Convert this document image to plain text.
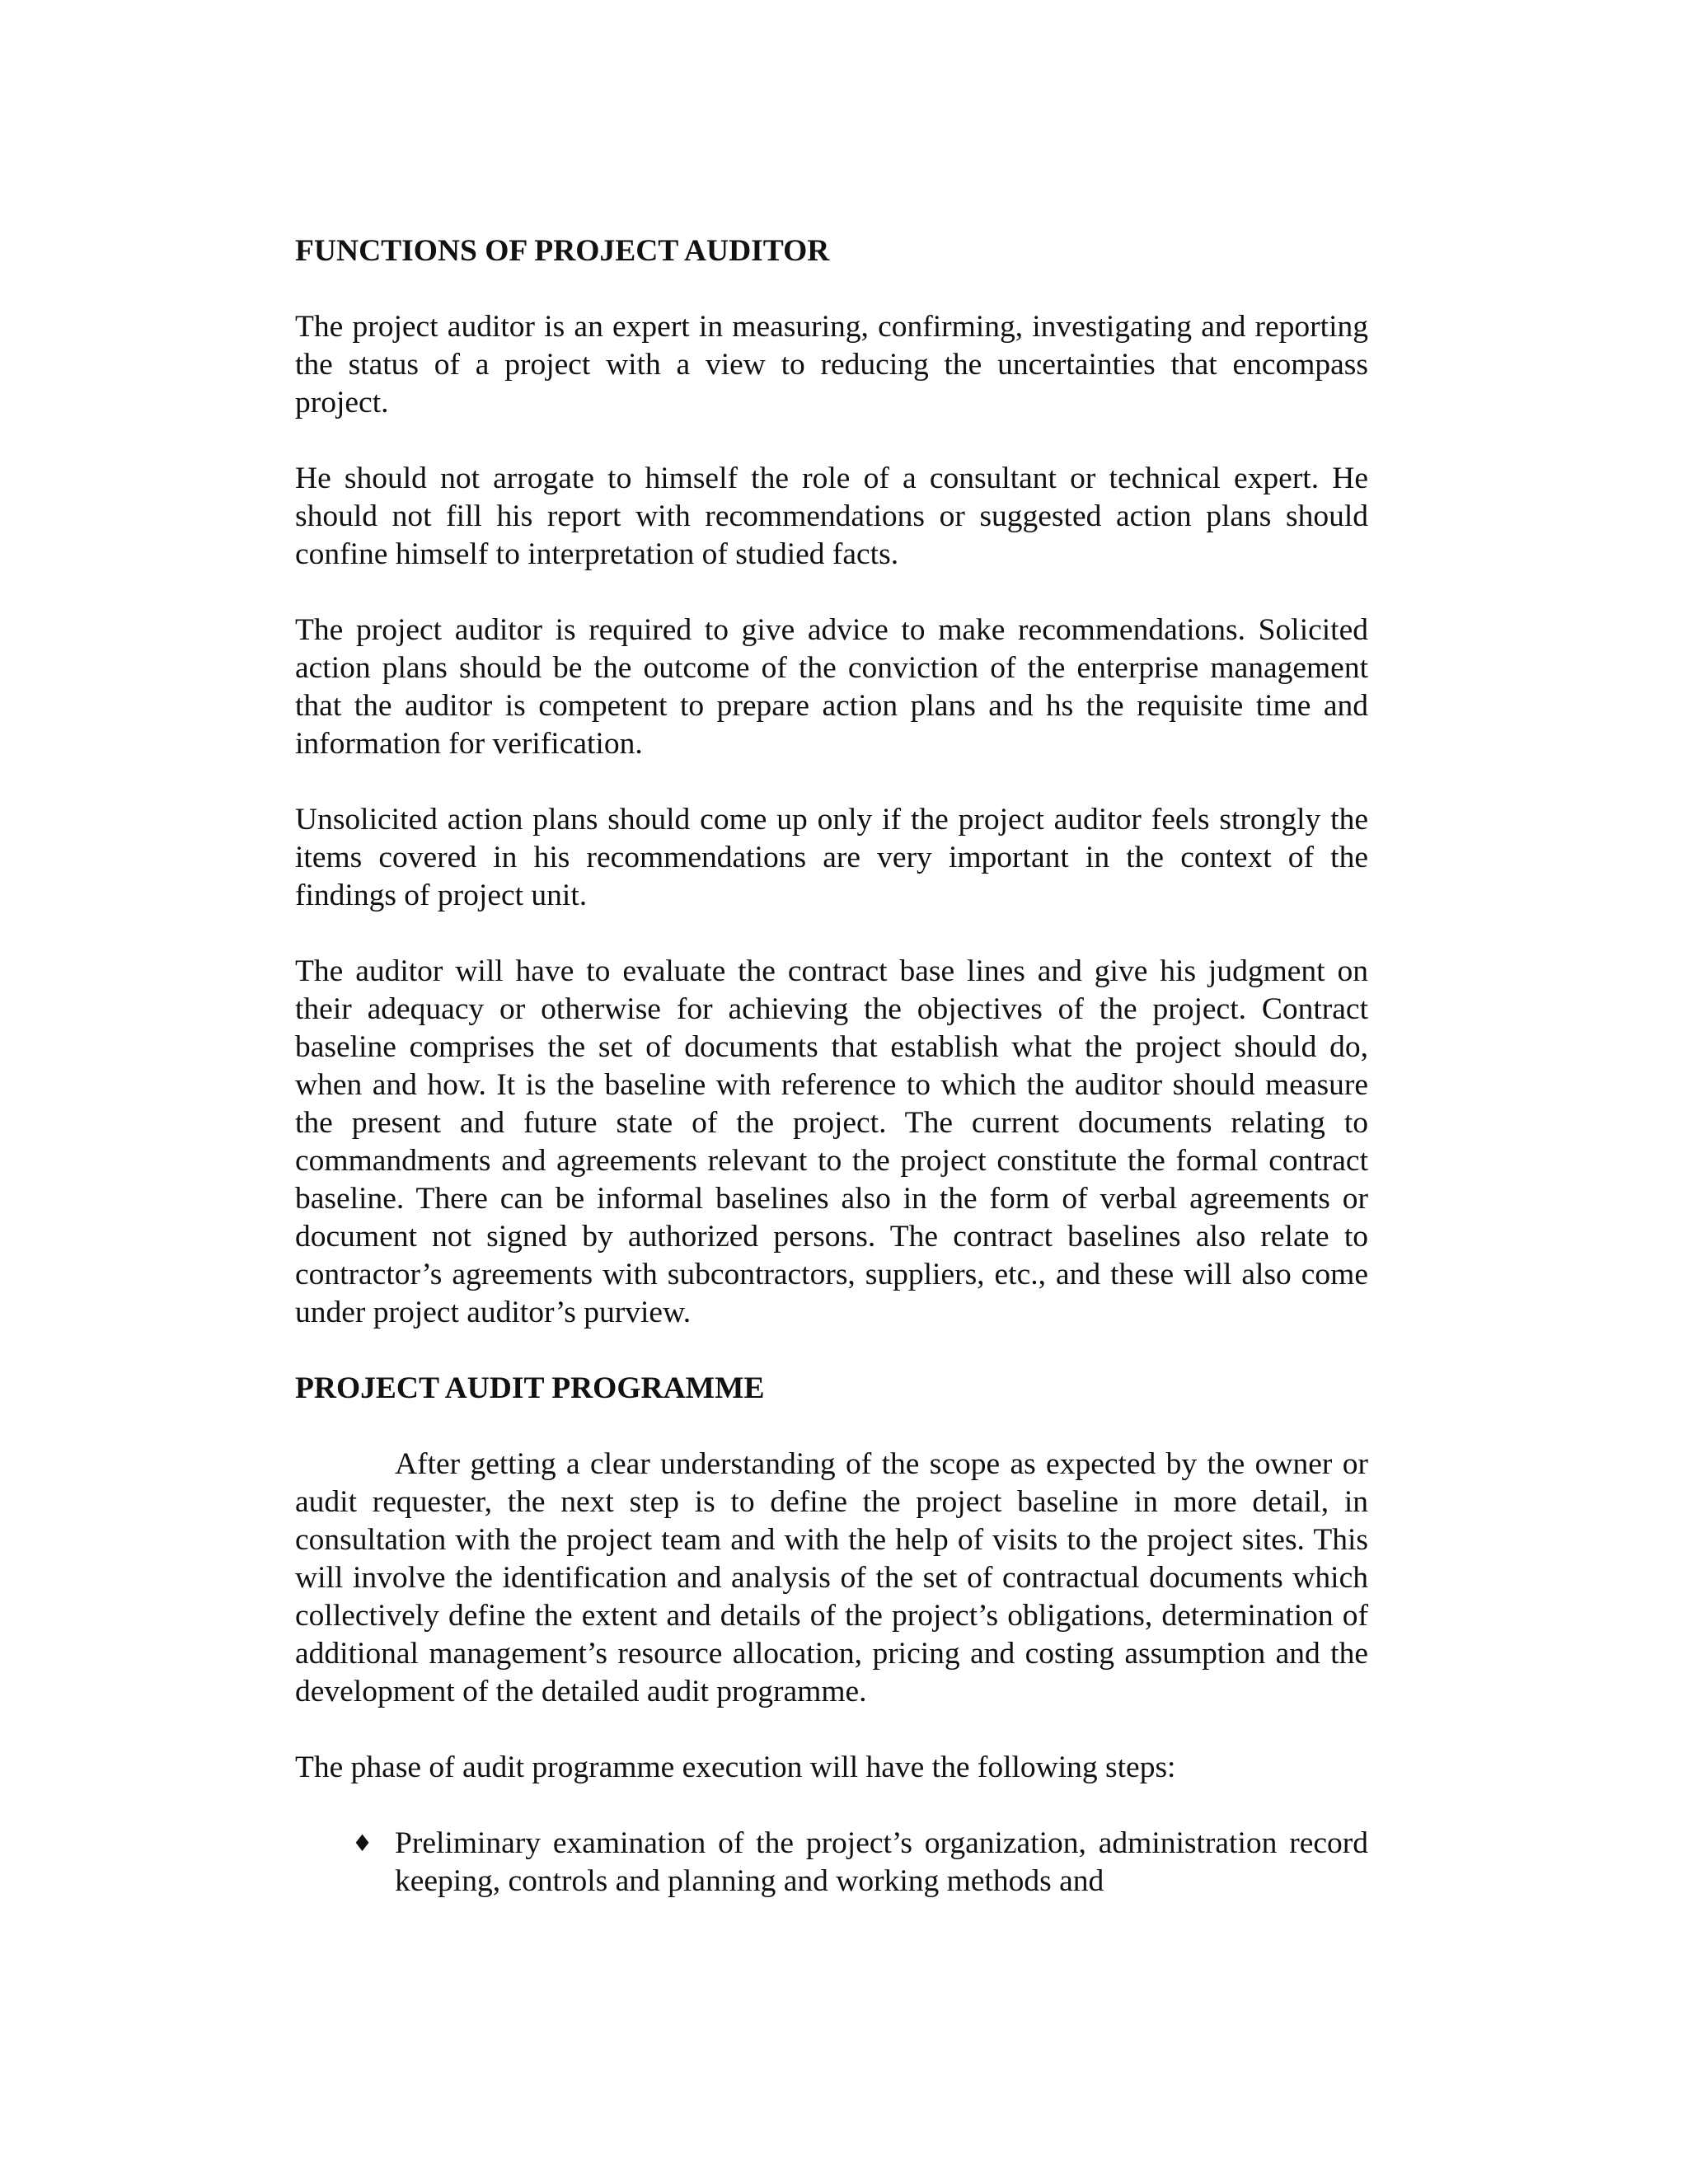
FUNCTIONS OF PROJECT AUDITOR

The project auditor is an expert in measuring, confirming, investigating and reporting the status of a project with a view to reducing the uncertainties that encompass project.

He should not arrogate to himself the role of a consultant or technical expert. He should not fill his report with recommendations or suggested action plans should confine himself to interpretation of studied facts.

The project auditor is required to give advice to make recommendations. Solicited action plans should be the outcome of the conviction of the enterprise management that the auditor is competent to prepare action plans and hs the requisite time and information for verification.

Unsolicited action plans should come up only if the project auditor feels strongly the items covered in his recommendations are very important in the context of the findings of project unit.

The auditor will have to evaluate the contract base lines and give his judgment on their adequacy or otherwise for achieving the objectives of the project. Contract baseline comprises the set of documents that establish what the project should do, when and how. It is the baseline with reference to which the auditor should measure the present and future state of the project. The current documents relating to commandments and agreements relevant to the project constitute the formal contract baseline. There can be informal baselines also in the form of verbal agreements or document not signed by authorized persons. The contract baselines also relate to contractor’s agreements with subcontractors, suppliers, etc., and these will also come under project auditor’s purview.

PROJECT AUDIT PROGRAMME

After getting a clear understanding of the scope as expected by the owner or audit requester, the next step is to define the project baseline in more detail, in consultation with the project team and with the help of visits to the project sites. This will involve the identification and analysis of the set of contractual documents which collectively define the extent and details of the project’s obligations, determination of additional management’s resource allocation, pricing and costing assumption and the development of the detailed audit programme.

The phase of audit programme execution will have the following steps:

♦ Preliminary examination of the project’s organization, administration record keeping, controls and planning and working methods and
